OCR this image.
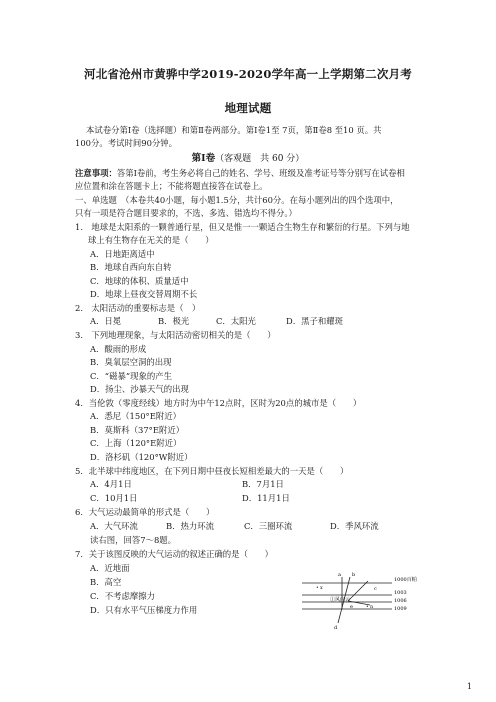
河北省沧州市黄骅中学2019-2020学年高一上学期第二次月考
地理试题
本试卷分第Ⅰ卷（选择题）和第Ⅱ卷两部分。第Ⅰ卷1至 7页，第Ⅱ卷8 至10 页。共
100分。考试时间90分钟。
第Ⅰ卷（客观题　共 60 分）
注意事项：答第Ⅰ卷前，考生务必将自己的姓名、学号、班级及准考证号等分别写在试卷相
应位置和涂在答题卡上；不能将题直接答在试卷上。
一、单选题　（本卷共40小题，每小题1.5分，共计60分。在每小题列出的四个选项中，
只有一项是符合题目要求的，不选、多选、错选均不得分。）
1.　地球是太阳系的一颗普通行星，但又是惟一一颗适合生物生存和繁衍的行星。下列与地
球上有生物存在无关的是（　　）
A．日地距离适中
B．地球自西向东自转
C．地球的体积、质量适中
D．地球上昼夜交替周期不长
2.　太阳活动的重要标志是（　）
A．日冕	B．极光	C．太阳光	D．黑子和耀斑
3.　下列地理现象，与太阳活动密切相关的是（　　）
A．酸雨的形成
B．臭氧层空洞的出现
C．“磁暴”现象的产生
D．扬尘、沙暴天气的出现
4．当伦敦（零度经线）地方时为中午12点时，区时为20点的城市是（　　）
A．悉尼（150°E附近）
B．莫斯科（37°E附近）
C．上海（120°E附近）
D．洛杉矶（120°W附近）
5．北半球中纬度地区，在下列日期中昼夜长短相差最大的一天是（　　）
A．4月1日	B．7月1日
C．10月1日	D．11月1日
6．大气运动最简单的形式是（　　）
A．大气环流	B．热力环流	C．三圈环流	D．季风环流
读右图，回答7～8题。
7．关于该图反映的大气运动的叙述正确的是（　　）
A．近地面
B．高空
C．不考虑摩擦力
D．只有水平气压梯度力作用
a b
c
d
e
①风向云
• x
• n
1000百帕
1003
1006
1009
1
